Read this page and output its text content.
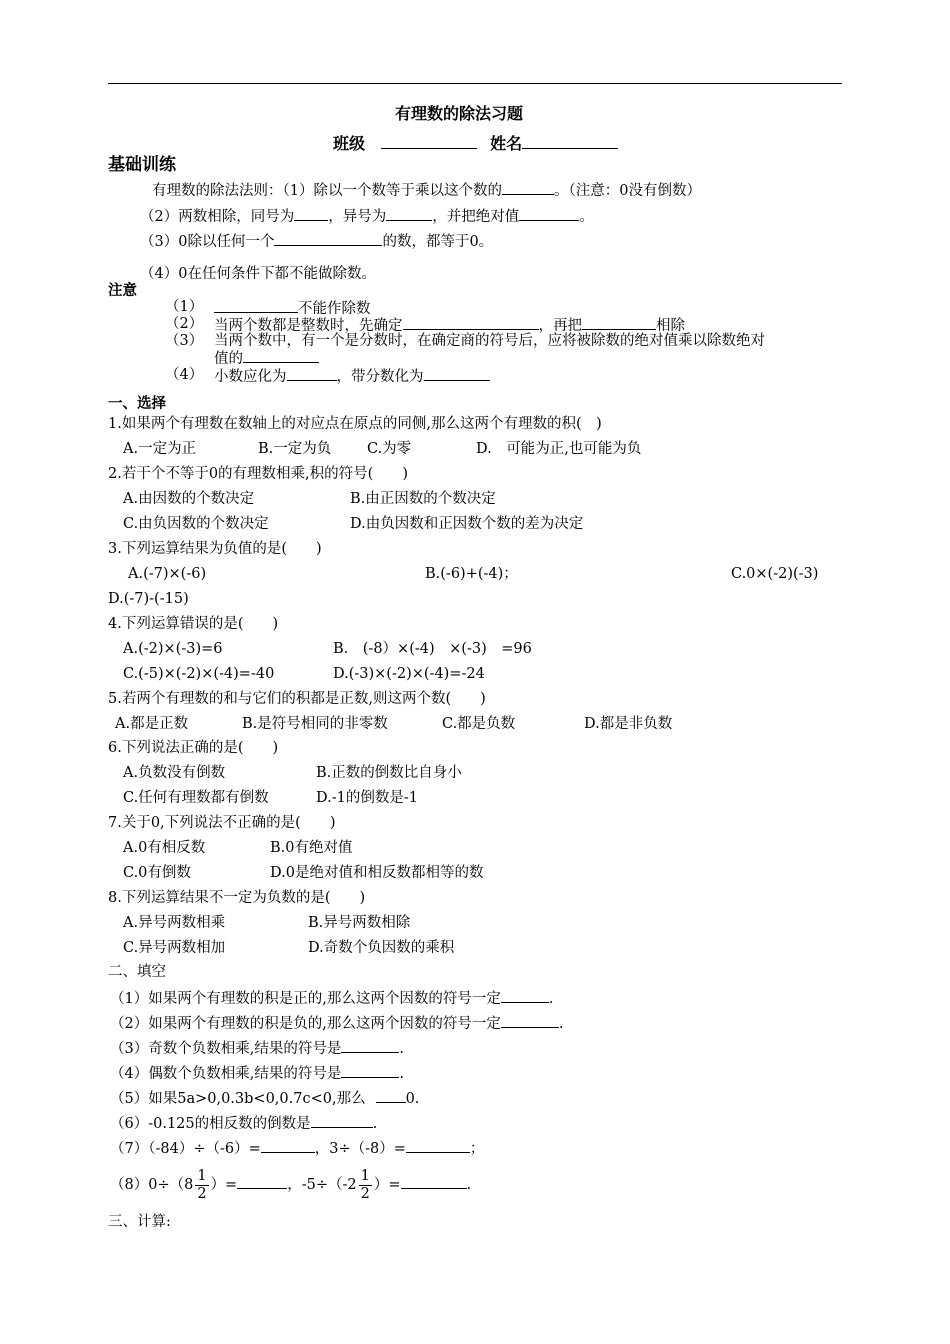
有理数的除法习题
班级	姓名
基础训练
有理数的除法法则：（1）除以一个数等于乘以这个数的	。（注意：0没有倒数）
（2）两数相除，同号为 ，异号为	，并把绝对值	。
（3）0除以任何一个	的数，都等于0。
（4）0在任何条件下都不能做除数。
注意
（1）	不能作除数
（2） 当两个数都是整数时，先确定	，再把	相除
（3） 当两个数中，有一个是分数时，在确定商的符号后，应将被除数的绝对值乘以除数绝对
值的
（4） 小数应化为	，带分数化为
一、选择
1.如果两个有理数在数轴上的对应点在原点的同侧,那么这两个有理数的积(　)
A.一定为正	B.一定为负 C.为零	D.　可能为正,也可能为负
2.若干个不等于0的有理数相乘,积的符号(　　)
A.由因数的个数决定	B.由正因数的个数决定
C.由负因数的个数决定	D.由负因数和正因数个数的差为决定
3.下列运算结果为负值的是(　　)
A.(-7)×(-6)	B.(-6)+(-4)；	C.0×(-2)(-3)
D.(-7)-(-15)
4.下列运算错误的是(　　)
A.(-2)×(-3)=6	B.　(-8）×(-4)　×(-3)　=96
C.(-5)×(-2)×(-4)=-40	D.(-3)×(-2)×(-4)=-24
5.若两个有理数的和与它们的积都是正数,则这两个数(　　)
A.都是正数	B.是符号相同的非零数	C.都是负数	D.都是非负数
6.下列说法正确的是(　　)
A.负数没有倒数	B.正数的倒数比自身小
C.任何有理数都有倒数	D.-1的倒数是-1
7.关于0,下列说法不正确的是(　　)
A.0有相反数	B.0有绝对值
C.0有倒数	D.0是绝对值和相反数都相等的数
8.下列运算结果不一定为负数的是(　　)
A.异号两数相乘	B.异号两数相除
C.异号两数相加	D.奇数个负因数的乘积
二、填空
（1）如果两个有理数的积是正的,那么这两个因数的符号一定	.
（2）如果两个有理数的积是负的,那么这两个因数的符号一定	.
（3）奇数个负数相乘,结果的符号是	.
（4）偶数个负数相乘,结果的符号是	.
（5）如果5a>0,0.3b<0,0.7c<0,那么	0.
（6）-0.125的相反数的倒数是	.
（7）（-84）÷（-6）=	，3÷（-8）=	；
$(8)0\div(8 \frac{1}{2}$ ）=	，$-5\div(-2 \frac{1}{2}$ ）=	.
三、计算:
